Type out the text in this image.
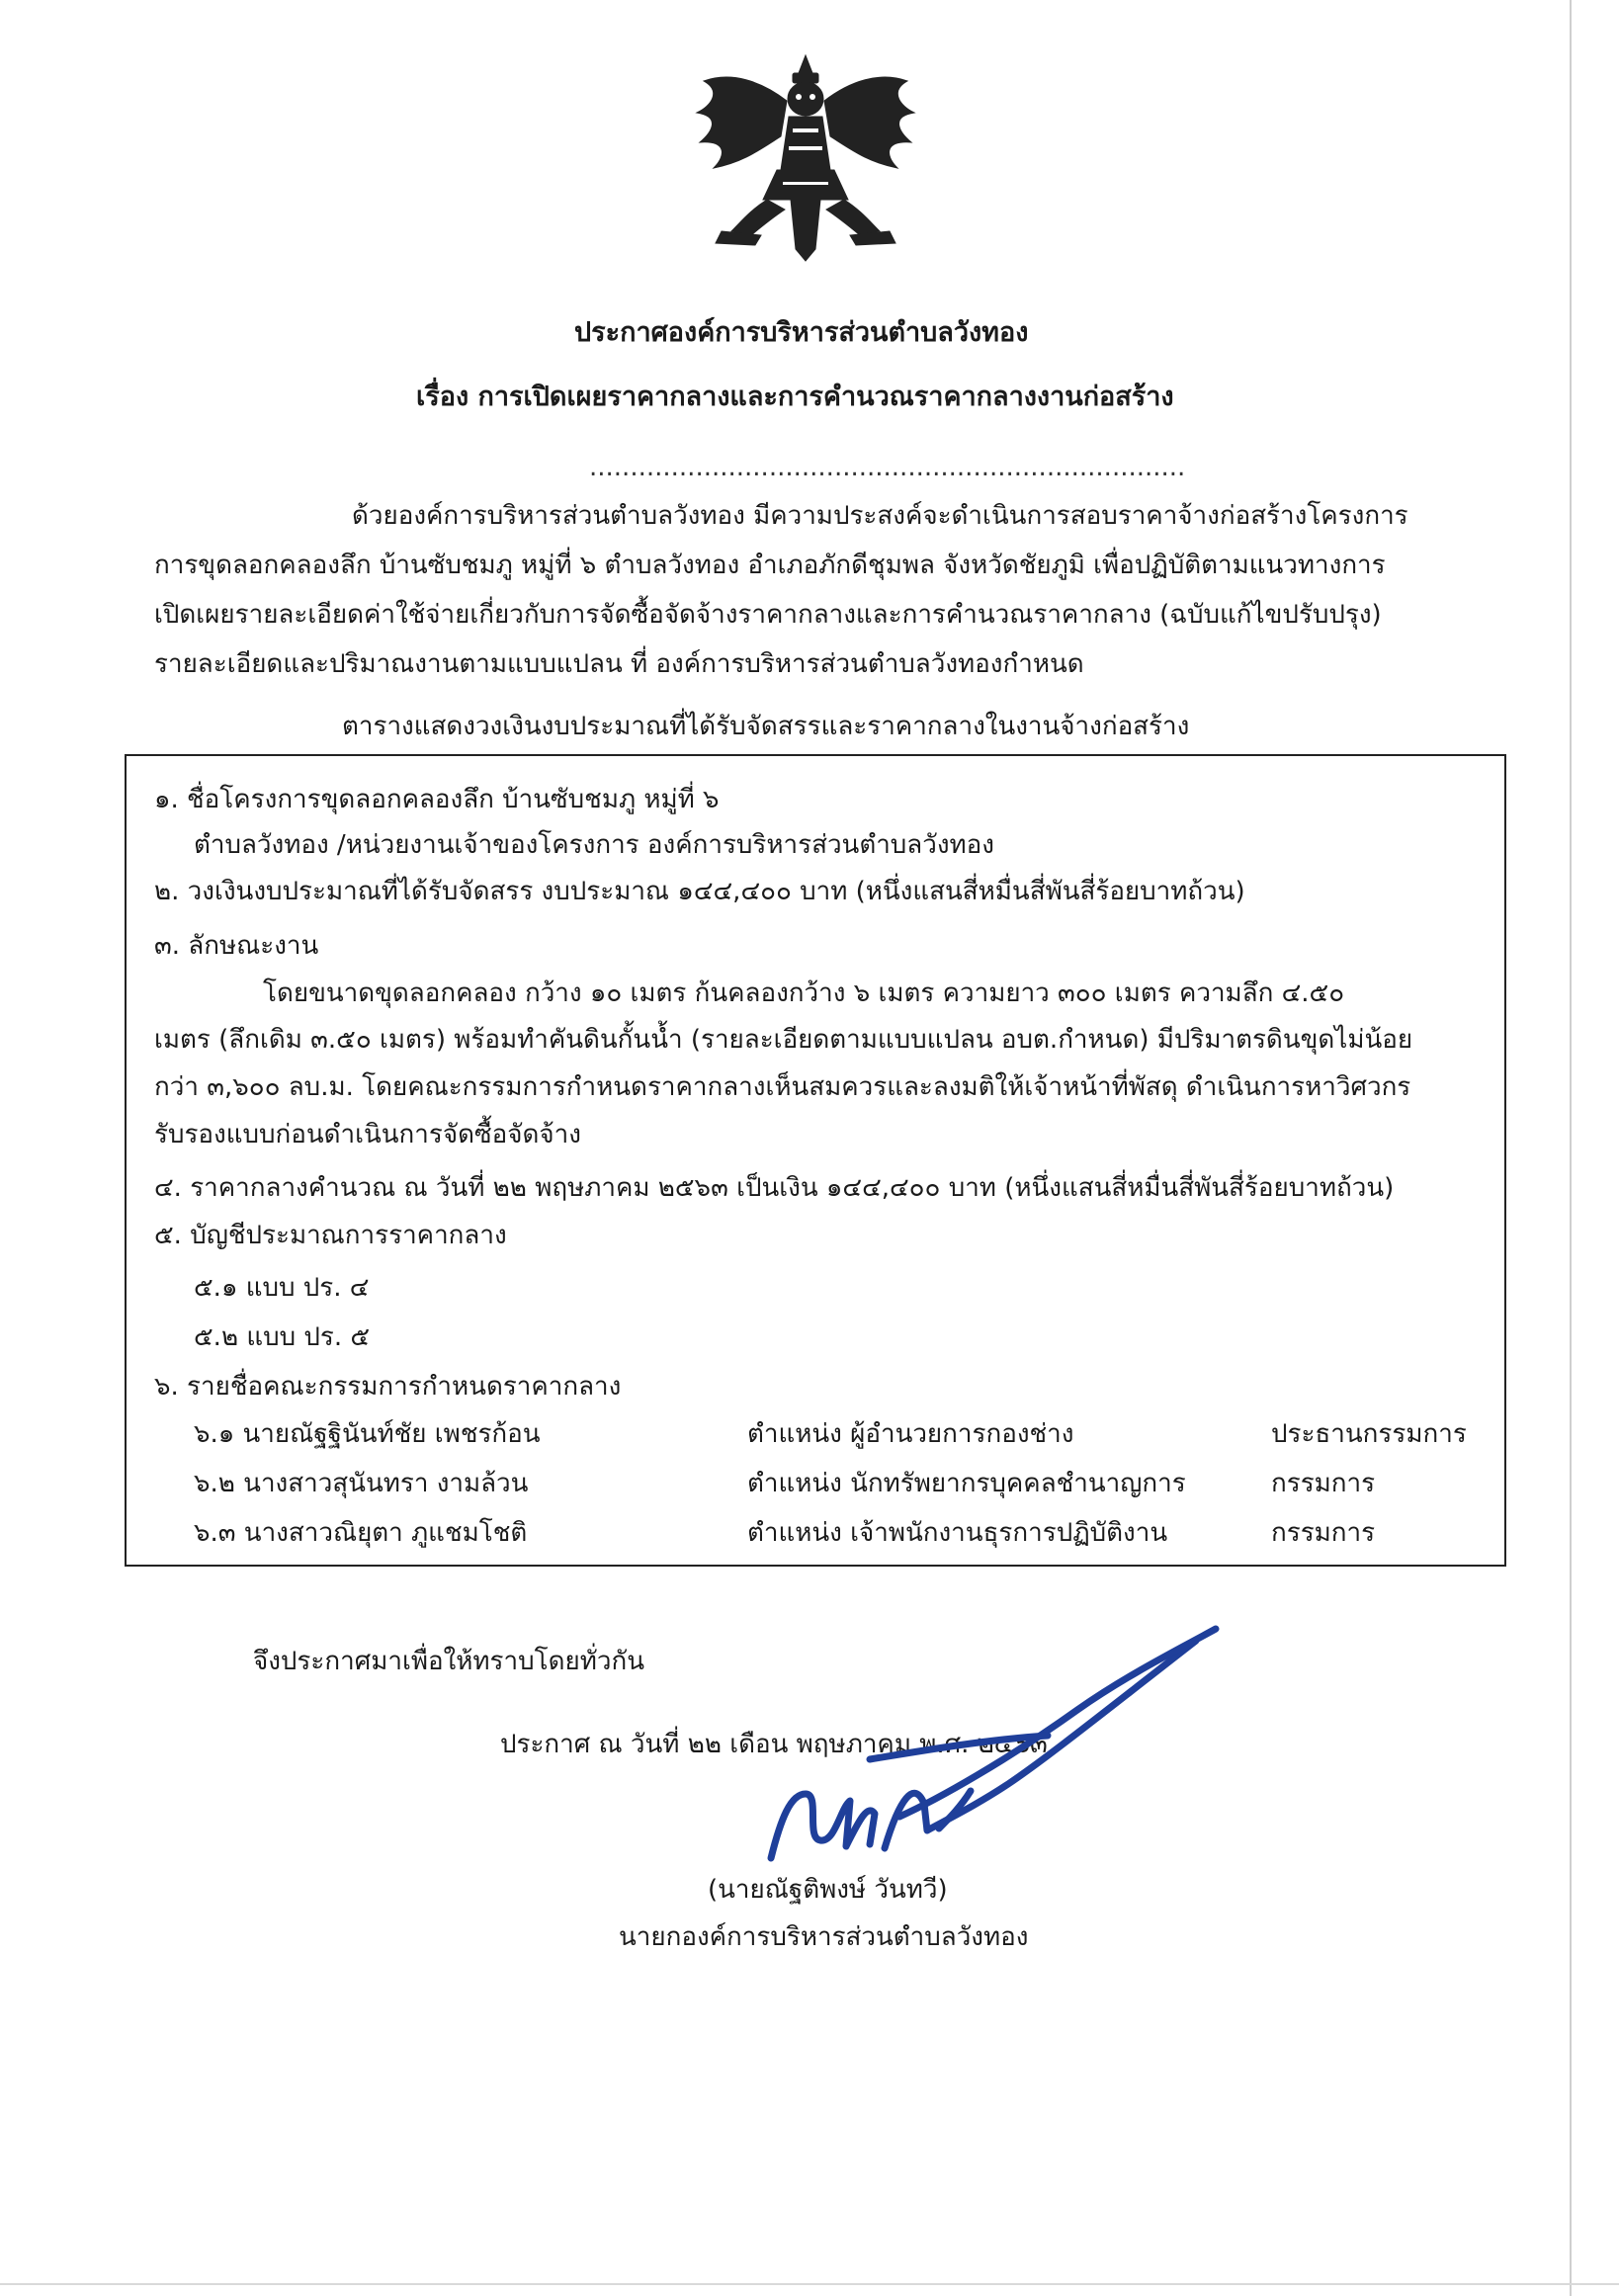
ประกาศองค์การบริหารส่วนตำบลวังทอง
เรื่อง การเปิดเผยราคากลางและการคำนวณราคากลางงานก่อสร้าง
.........................................................................
ด้วยองค์การบริหารส่วนตำบลวังทอง มีความประสงค์จะดำเนินการสอบราคาจ้างก่อสร้างโครงการ
การขุดลอกคลองลึก บ้านซับชมภู หมู่ที่ ๖ ตำบลวังทอง อำเภอภักดีชุมพล จังหวัดชัยภูมิ เพื่อปฏิบัติตามแนวทางการ
เปิดเผยรายละเอียดค่าใช้จ่ายเกี่ยวกับการจัดซื้อจัดจ้างราคากลางและการคำนวณราคากลาง (ฉบับแก้ไขปรับปรุง)
รายละเอียดและปริมาณงานตามแบบแปลน ที่ องค์การบริหารส่วนตำบลวังทองกำหนด
ตารางแสดงวงเงินงบประมาณที่ได้รับจัดสรรและราคากลางในงานจ้างก่อสร้าง
๑. ชื่อโครงการขุดลอกคลองลึก บ้านซับชมภู หมู่ที่ ๖
ตำบลวังทอง /หน่วยงานเจ้าของโครงการ องค์การบริหารส่วนตำบลวังทอง
๒. วงเงินงบประมาณที่ได้รับจัดสรร งบประมาณ ๑๔๔,๔๐๐ บาท (หนึ่งแสนสี่หมื่นสี่พันสี่ร้อยบาทถ้วน)
๓. ลักษณะงาน
โดยขนาดขุดลอกคลอง กว้าง ๑๐ เมตร ก้นคลองกว้าง ๖ เมตร ความยาว ๓๐๐ เมตร ความลึก ๔.๕๐
เมตร (ลึกเดิม ๓.๕๐ เมตร) พร้อมทำคันดินกั้นน้ำ (รายละเอียดตามแบบแปลน อบต.กำหนด) มีปริมาตรดินขุดไม่น้อย
กว่า ๓,๖๐๐ ลบ.ม. โดยคณะกรรมการกำหนดราคากลางเห็นสมควรและลงมติให้เจ้าหน้าที่พัสดุ ดำเนินการหาวิศวกร
รับรองแบบก่อนดำเนินการจัดซื้อจัดจ้าง
๔. ราคากลางคำนวณ ณ วันที่ ๒๒ พฤษภาคม ๒๕๖๓ เป็นเงิน ๑๔๔,๔๐๐ บาท (หนึ่งแสนสี่หมื่นสี่พันสี่ร้อยบาทถ้วน)
๕. บัญชีประมาณการราคากลาง
๕.๑ แบบ ปร. ๔
๕.๒ แบบ ปร. ๕
๖. รายชื่อคณะกรรมการกำหนดราคากลาง
๖.๑ นายณัฐฐินันท์ชัย เพชรก้อน	ตำแหน่ง ผู้อำนวยการกองช่าง	ประธานกรรมการ
๖.๒ นางสาวสุนันทรา งามล้วน	ตำแหน่ง นักทรัพยากรบุคคลชำนาญการ	กรรมการ
๖.๓ นางสาวณิยุตา ภูแชมโชติ	ตำแหน่ง เจ้าพนักงานธุรการปฏิบัติงาน	กรรมการ
จึงประกาศมาเพื่อให้ทราบโดยทั่วกัน
ประกาศ ณ วันที่ ๒๒ เดือน พฤษภาคม พ.ศ. ๒๕๖๓
(นายณัฐติพงษ์ วันทวี)
นายกองค์การบริหารส่วนตำบลวังทอง
